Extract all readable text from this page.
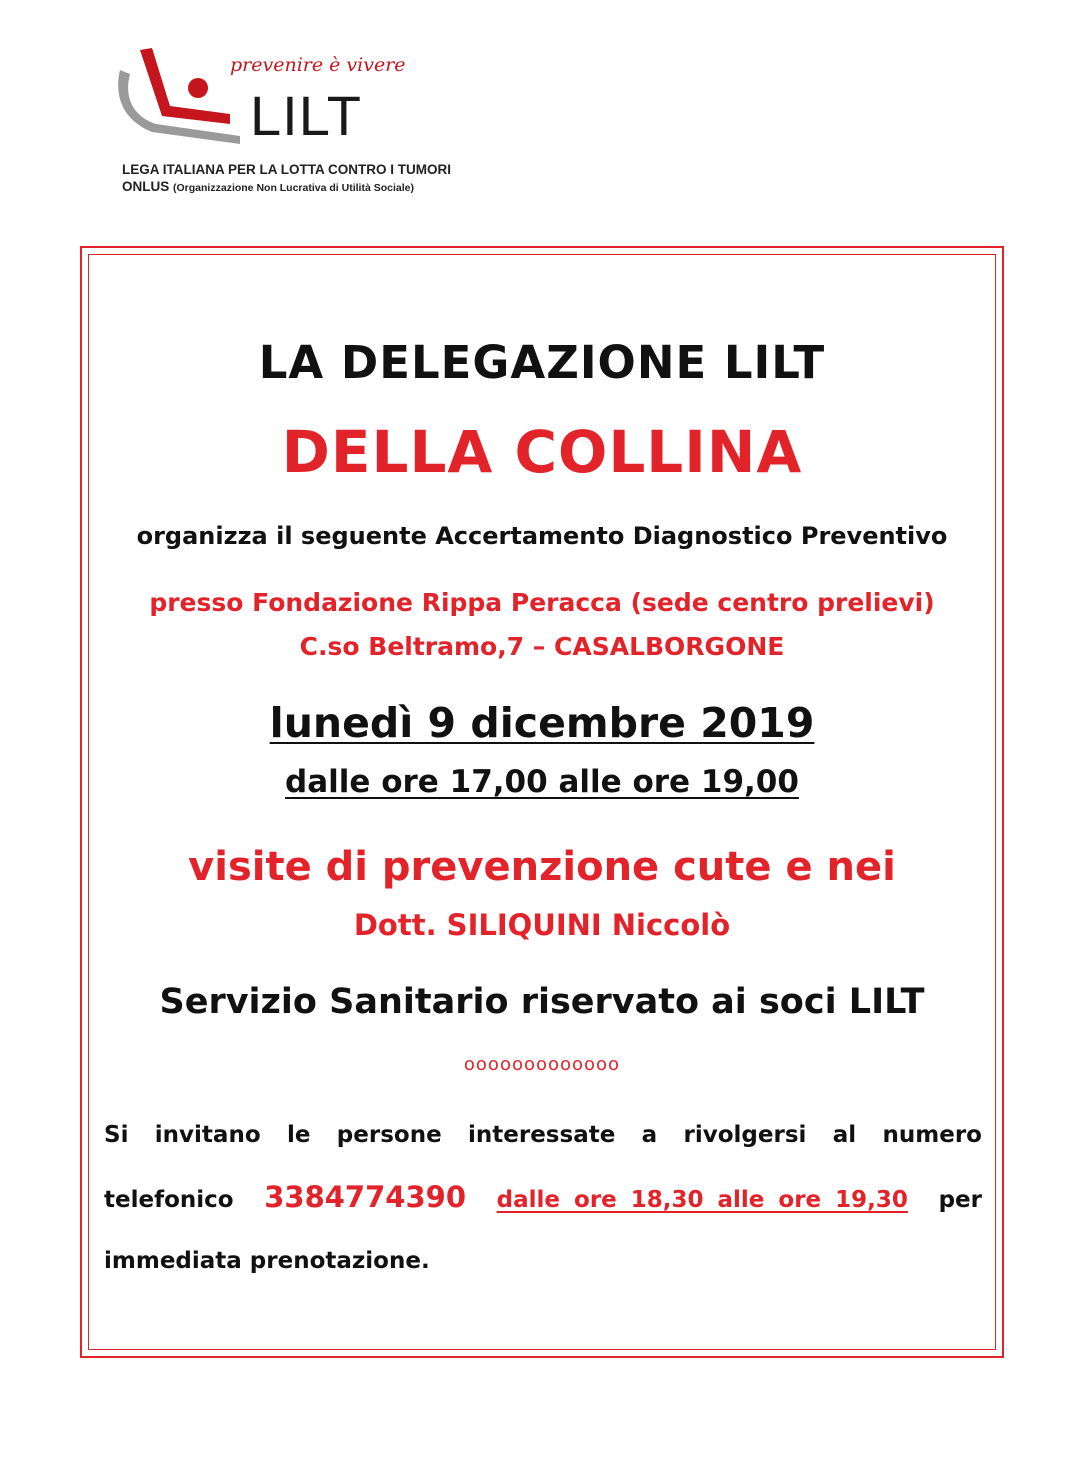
prevenire è vivere
LILT
LEGA ITALIANA PER LA LOTTA CONTRO I TUMORI
ONLUS (Organizzazione Non Lucrativa di Utilità Sociale)
LA DELEGAZIONE LILT
DELLA COLLINA
organizza il seguente Accertamento Diagnostico Preventivo
presso Fondazione Rippa Peracca (sede centro prelievi)
C.so Beltramo,7 – CASALBORGONE
lunedì 9 dicembre 2019
dalle ore 17,00 alle ore 19,00
visite di prevenzione cute e nei
Dott. SILIQUINI Niccolò
Servizio Sanitario riservato ai soci LILT
ooooooooooooo
Si invitano le persone interessate a rivolgersi al numero
telefonico 3384774390 dalle ore 18,30 alle ore 19,30 per
immediata prenotazione.
